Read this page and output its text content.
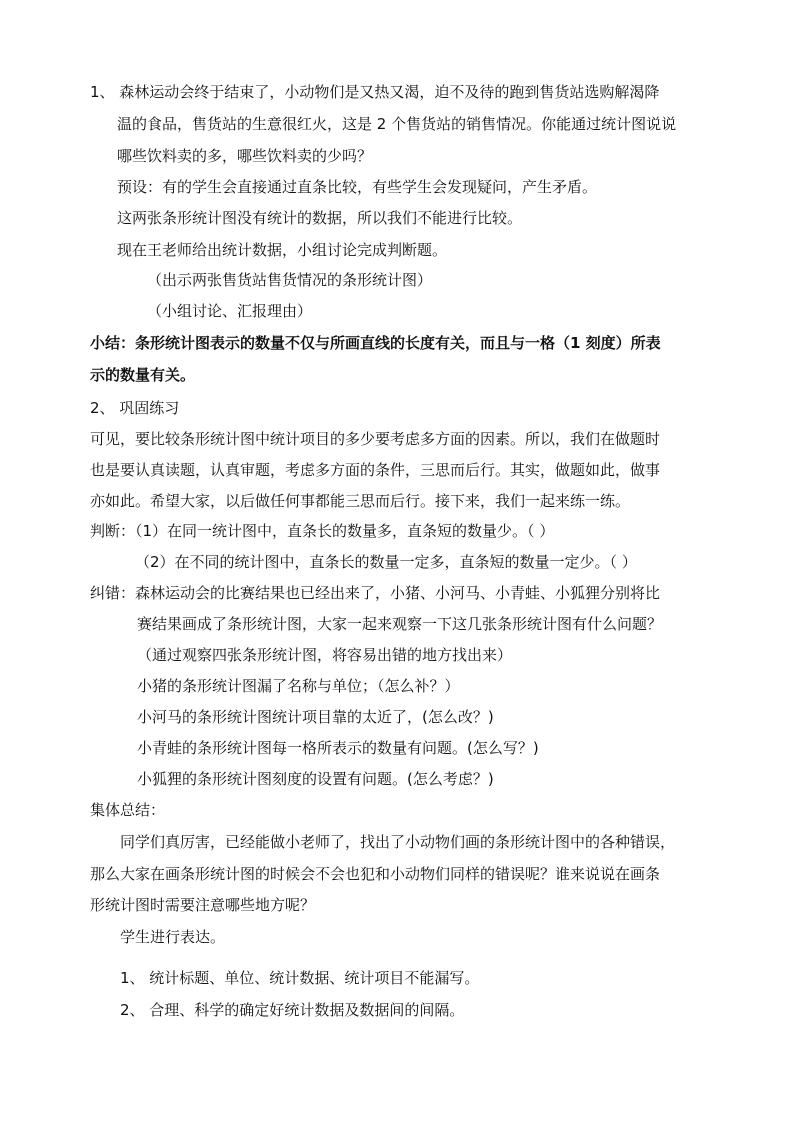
1、 森林运动会终于结束了，小动物们是又热又渴，迫不及待的跑到售货站选购解渴降
温的食品，售货站的生意很红火，这是 2 个售货站的销售情况。你能通过统计图说说
哪些饮料卖的多，哪些饮料卖的少吗？
预设：有的学生会直接通过直条比较，有些学生会发现疑问，产生矛盾。
这两张条形统计图没有统计的数据，所以我们不能进行比较。
现在王老师给出统计数据，小组讨论完成判断题。
（出示两张售货站售货情况的条形统计图）
（小组讨论、汇报理由）
小结：条形统计图表示的数量不仅与所画直线的长度有关，而且与一格（1 刻度）所表
示的数量有关。
2、 巩固练习
可见，要比较条形统计图中统计项目的多少要考虑多方面的因素。所以，我们在做题时
也是要认真读题，认真审题，考虑多方面的条件，三思而后行。其实，做题如此，做事
亦如此。希望大家，以后做任何事都能三思而后行。接下来，我们一起来练一练。
判断：（1）在同一统计图中，直条长的数量多，直条短的数量少。（ ）
（2）在不同的统计图中，直条长的数量一定多，直条短的数量一定少。（ ）
纠错：森林运动会的比赛结果也已经出来了，小猪、小河马、小青蛙、小狐狸分别将比
赛结果画成了条形统计图，大家一起来观察一下这几张条形统计图有什么问题？
（通过观察四张条形统计图，将容易出错的地方找出来）
小猪的条形统计图漏了名称与单位；（怎么补？）
小河马的条形统计图统计项目靠的太近了，(怎么改？)
小青蛙的条形统计图每一格所表示的数量有问题。(怎么写？)
小狐狸的条形统计图刻度的设置有问题。(怎么考虑？)
集体总结：
同学们真厉害，已经能做小老师了，找出了小动物们画的条形统计图中的各种错误，
那么大家在画条形统计图的时候会不会也犯和小动物们同样的错误呢？谁来说说在画条
形统计图时需要注意哪些地方呢？
学生进行表达。
1、 统计标题、单位、统计数据、统计项目不能漏写。
2、 合理、科学的确定好统计数据及数据间的间隔。
